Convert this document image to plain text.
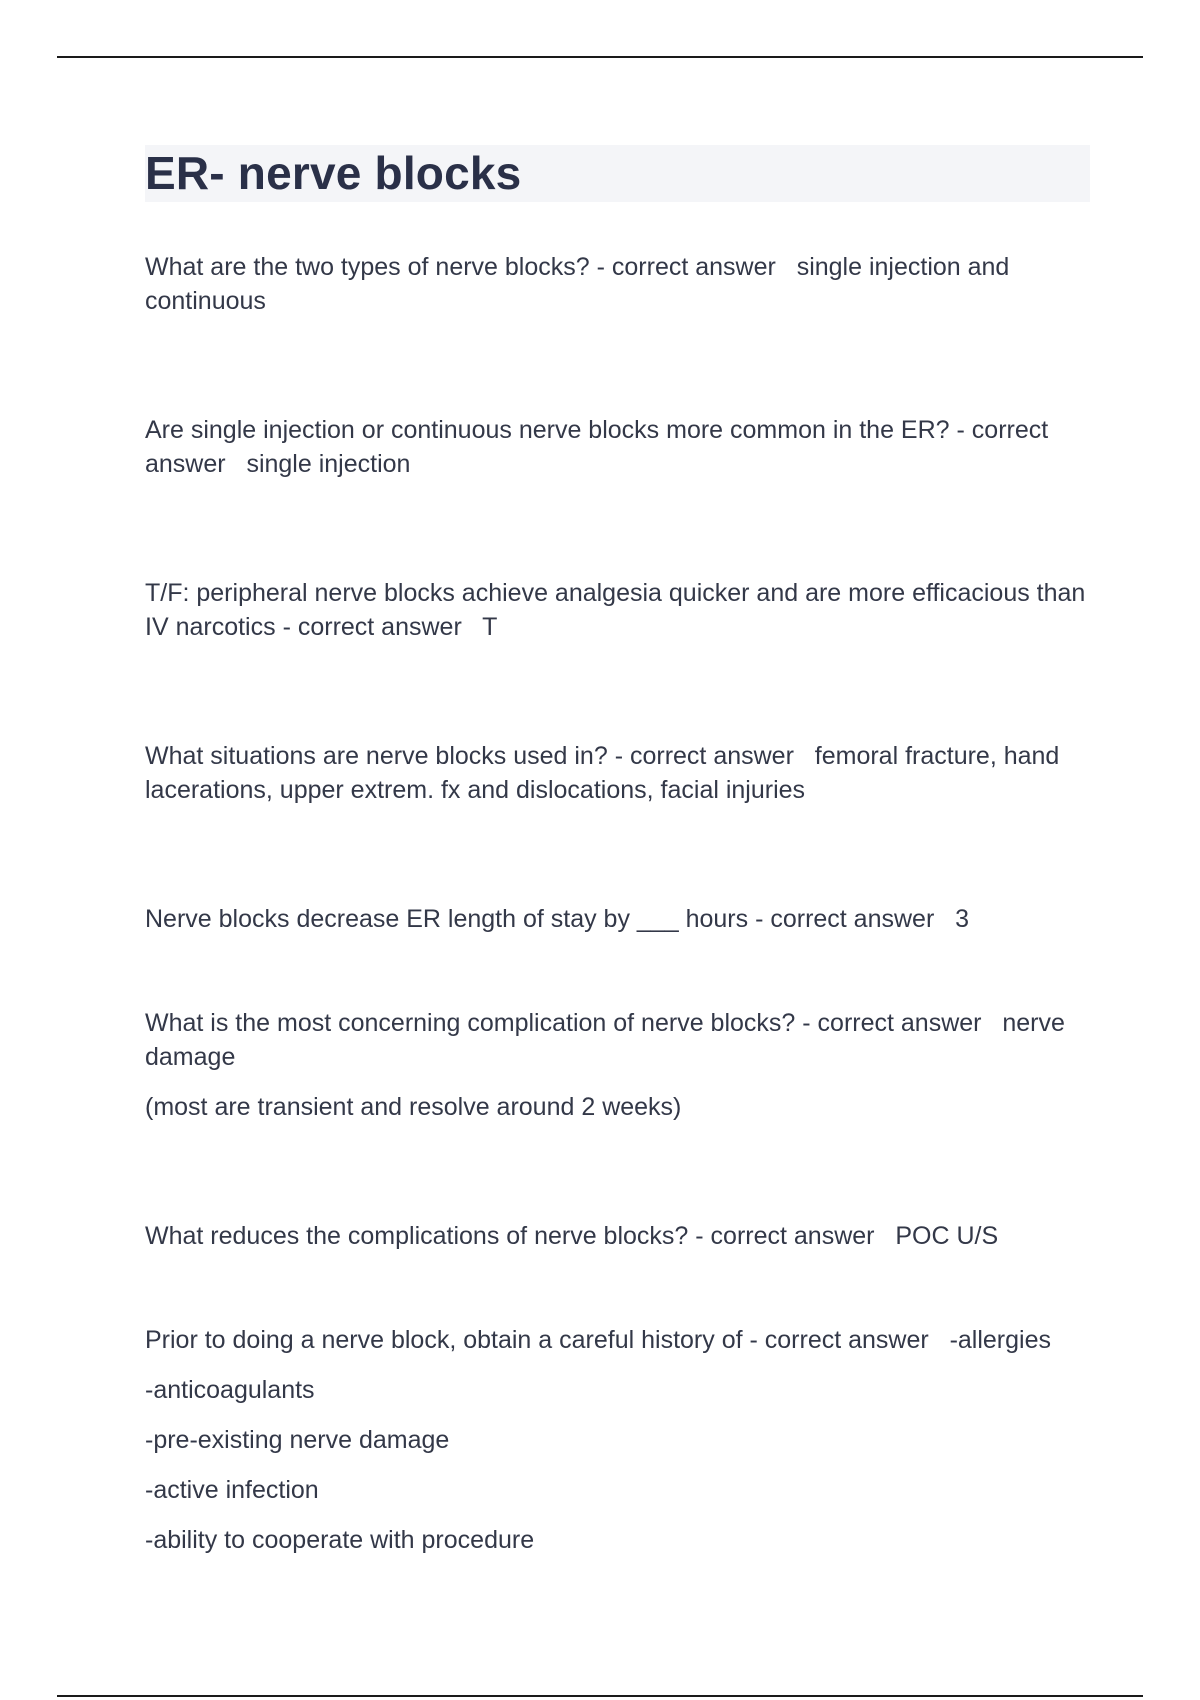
ER- nerve blocks
What are the two types of nerve blocks? - correct answer single injection and continuous
Are single injection or continuous nerve blocks more common in the ER? - correct answer single injection
T/F: peripheral nerve blocks achieve analgesia quicker and are more efficacious than IV narcotics - correct answer T
What situations are nerve blocks used in? - correct answer femoral fracture, hand lacerations, upper extrem. fx and dislocations, facial injuries
Nerve blocks decrease ER length of stay by ___ hours - correct answer 3
What is the most concerning complication of nerve blocks? - correct answer nerve damage
(most are transient and resolve around 2 weeks)
What reduces the complications of nerve blocks? - correct answer POC U/S
Prior to doing a nerve block, obtain a careful history of - correct answer -allergies
-anticoagulants
-pre-existing nerve damage
-active infection
-ability to cooperate with procedure
